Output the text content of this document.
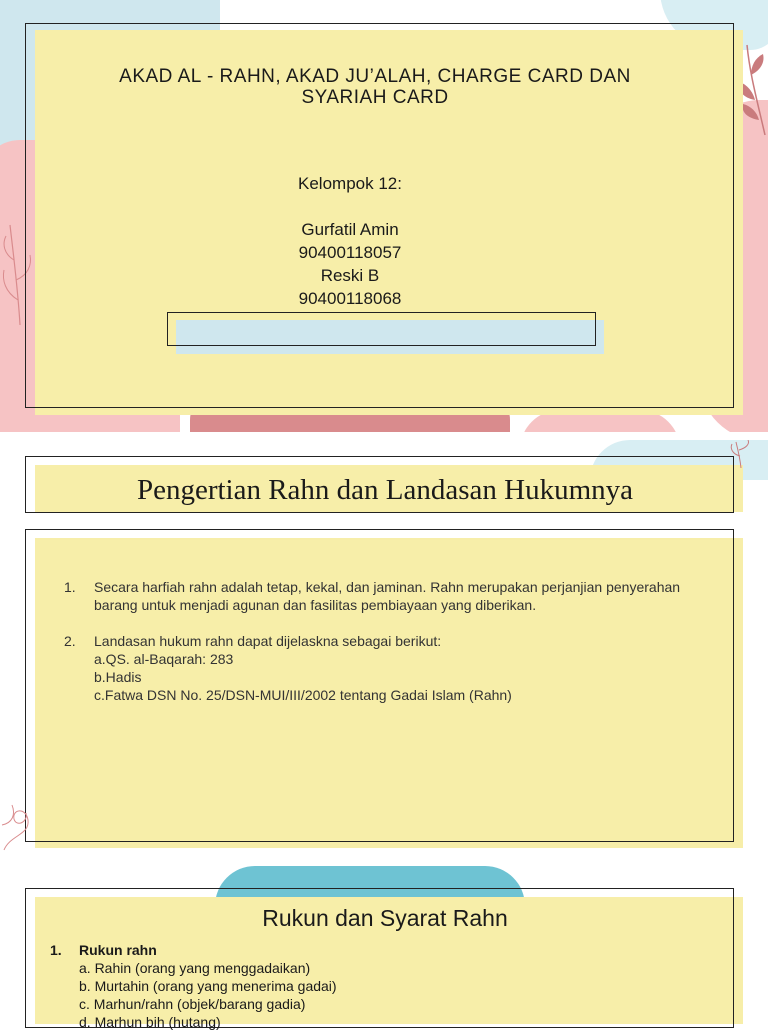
AKAD AL - RAHN, AKAD JU’ALAH, CHARGE CARD DAN SYARIAH CARD
Kelompok 12:
Gurfatil Amin
90400118057
Reski B
90400118068
Pengertian Rahn dan Landasan Hukumnya
1.	Secara harfiah rahn adalah tetap, kekal, dan jaminan. Rahn merupakan perjanjian penyerahan barang untuk menjadi agunan dan fasilitas pembiayaan yang diberikan.
2.	Landasan hukum rahn dapat dijelaskna sebagai berikut:
a.QS. al-Baqarah: 283
b.Hadis
c.Fatwa DSN No. 25/DSN-MUI/III/2002 tentang Gadai Islam (Rahn)
Rukun dan Syarat Rahn
1.	Rukun rahn
a. Rahin (orang yang menggadaikan)
b. Murtahin (orang yang menerima gadai)
c. Marhun/rahn (objek/barang gadia)
d. Marhun bih (hutang)
